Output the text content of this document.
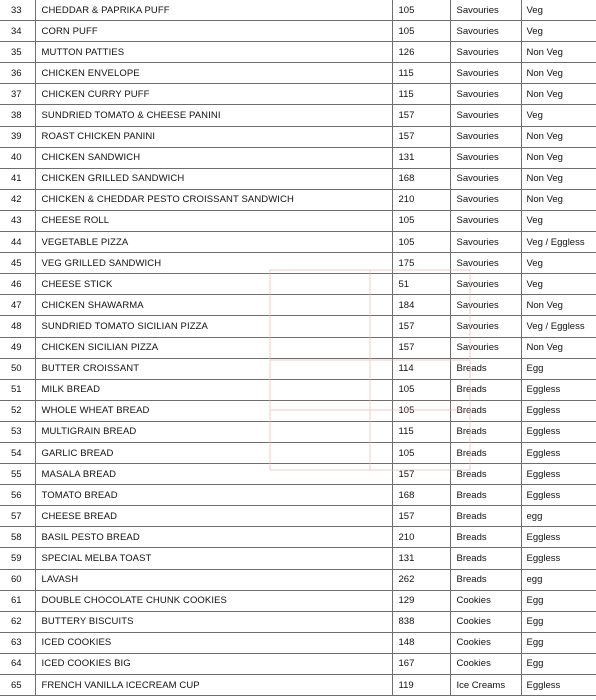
33	CHEDDAR & PAPRIKA PUFF	105	Savouries	Veg
34	CORN PUFF	105	Savouries	Veg
35	MUTTON PATTIES	126	Savouries	Non Veg
36	CHICKEN ENVELOPE	115	Savouries	Non Veg
37	CHICKEN CURRY PUFF	115	Savouries	Non Veg
38	SUNDRIED TOMATO & CHEESE PANINI	157	Savouries	Veg
39	ROAST CHICKEN PANINI	157	Savouries	Non Veg
40	CHICKEN SANDWICH	131	Savouries	Non Veg
41	CHICKEN GRILLED SANDWICH	168	Savouries	Non Veg
42	CHICKEN & CHEDDAR PESTO CROISSANT SANDWICH	210	Savouries	Non Veg
43	CHEESE ROLL	105	Savouries	Veg
44	VEGETABLE PIZZA	105	Savouries	Veg / Eggless
45	VEG GRILLED SANDWICH	175	Savouries	Veg
46	CHEESE STICK	51	Savouries	Veg
47	CHICKEN SHAWARMA	184	Savouries	Non Veg
48	SUNDRIED TOMATO SICILIAN PIZZA	157	Savouries	Veg / Eggless
49	CHICKEN SICILIAN PIZZA	157	Savouries	Non Veg
50	BUTTER CROISSANT	114	Breads	Egg
51	MILK BREAD	105	Breads	Eggless
52	WHOLE WHEAT BREAD	105	Breads	Eggless
53	MULTIGRAIN BREAD	115	Breads	Eggless
54	GARLIC BREAD	105	Breads	Eggless
55	MASALA BREAD	157	Breads	Eggless
56	TOMATO BREAD	168	Breads	Eggless
57	CHEESE BREAD	157	Breads	egg
58	BASIL PESTO BREAD	210	Breads	Eggless
59	SPECIAL MELBA TOAST	131	Breads	Eggless
60	LAVASH	262	Breads	egg
61	DOUBLE CHOCOLATE CHUNK COOKIES	129	Cookies	Egg
62	BUTTERY BISCUITS	838	Cookies	Egg
63	ICED COOKIES	148	Cookies	Egg
64	ICED COOKIES BIG	167	Cookies	Egg
65	FRENCH VANILLA ICECREAM CUP	119	Ice Creams	Eggless
